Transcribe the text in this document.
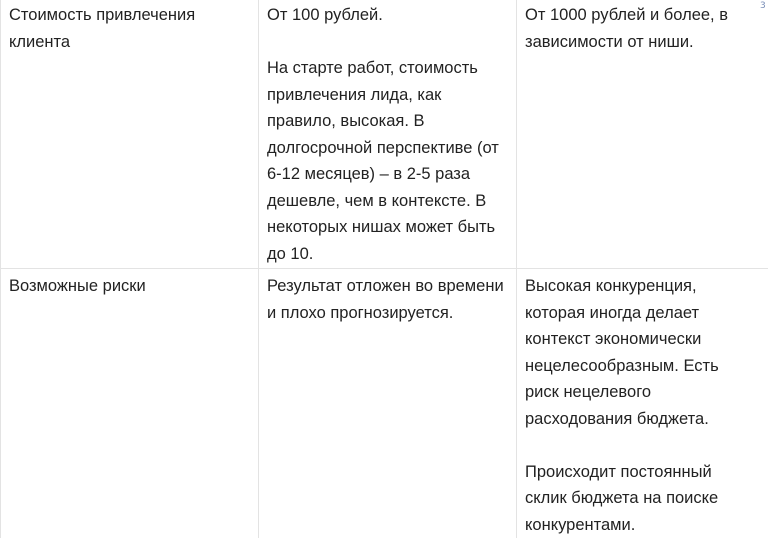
Стоимость привлечения клиента

От 100 рублей.

На старте работ, стоимость привлечения лида, как правило, высокая. В долгосрочной перспективе (от 6-12 месяцев) – в 2-5 раза дешевле, чем в контексте. В некоторых нишах может быть до 10.

От 1000 рублей и более, в зависимости от ниши.

Возможные риски	Результат отложен во времени и плохо прогнозируется.

Высокая конкуренция, которая иногда делает контекст экономически нецелесообразным. Есть риск нецелевого расходования бюджета.

Происходит постоянный склик бюджета на поиске конкурентами.

3
